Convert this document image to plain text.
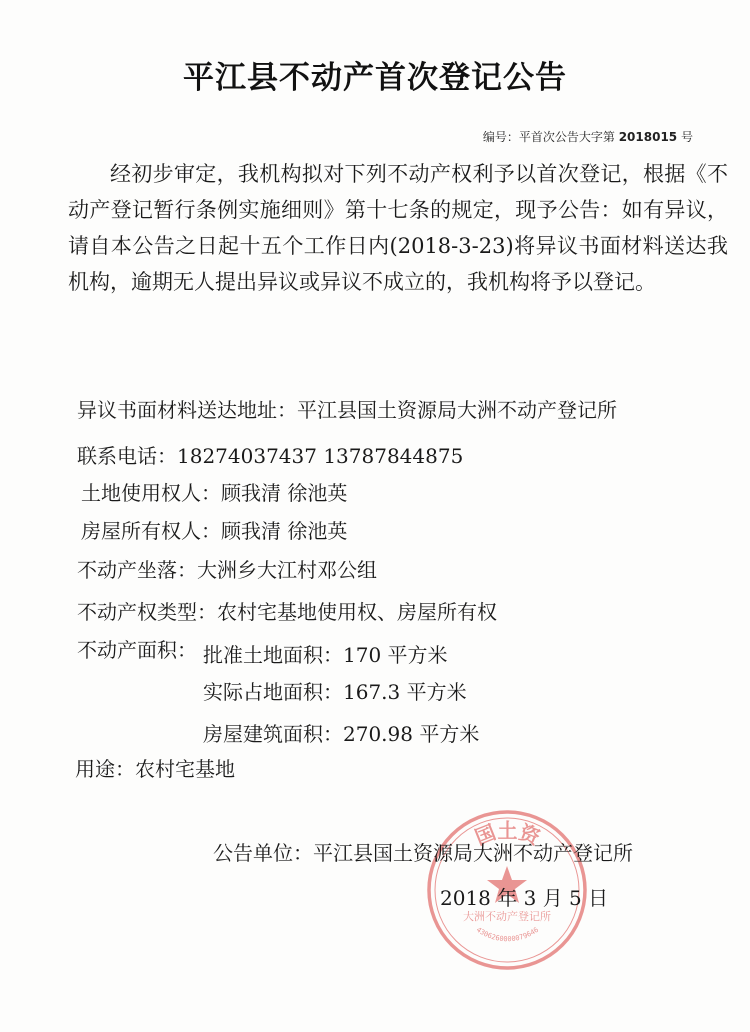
平江县不动产首次登记公告
编号：平首次公告大字第 2018015 号
经初步审定，我机构拟对下列不动产权利予以首次登记，根据《不动产登记暂行条例实施细则》第十七条的规定，现予公告：如有异议，请自本公告之日起十五个工作日内(2018-3-23)将异议书面材料送达我机构，逾期无人提出异议或异议不成立的，我机构将予以登记。
异议书面材料送达地址：平江县国土资源局大洲不动产登记所
联系电话：18274037437 13787844875
土地使用权人：顾我清 徐池英
房屋所有权人：顾我清 徐池英
不动产坐落：大洲乡大江村邓公组
不动产权类型：农村宅基地使用权、房屋所有权
不动产面积： 批准土地面积：170 平方米
实际占地面积：167.3 平方米
房屋建筑面积：270.98 平方米
用途：农村宅基地
国土资
大洲不动产登记所
4306260000079646
公告单位：平江县国土资源局大洲不动产登记所
2018 年 3 月 5 日
